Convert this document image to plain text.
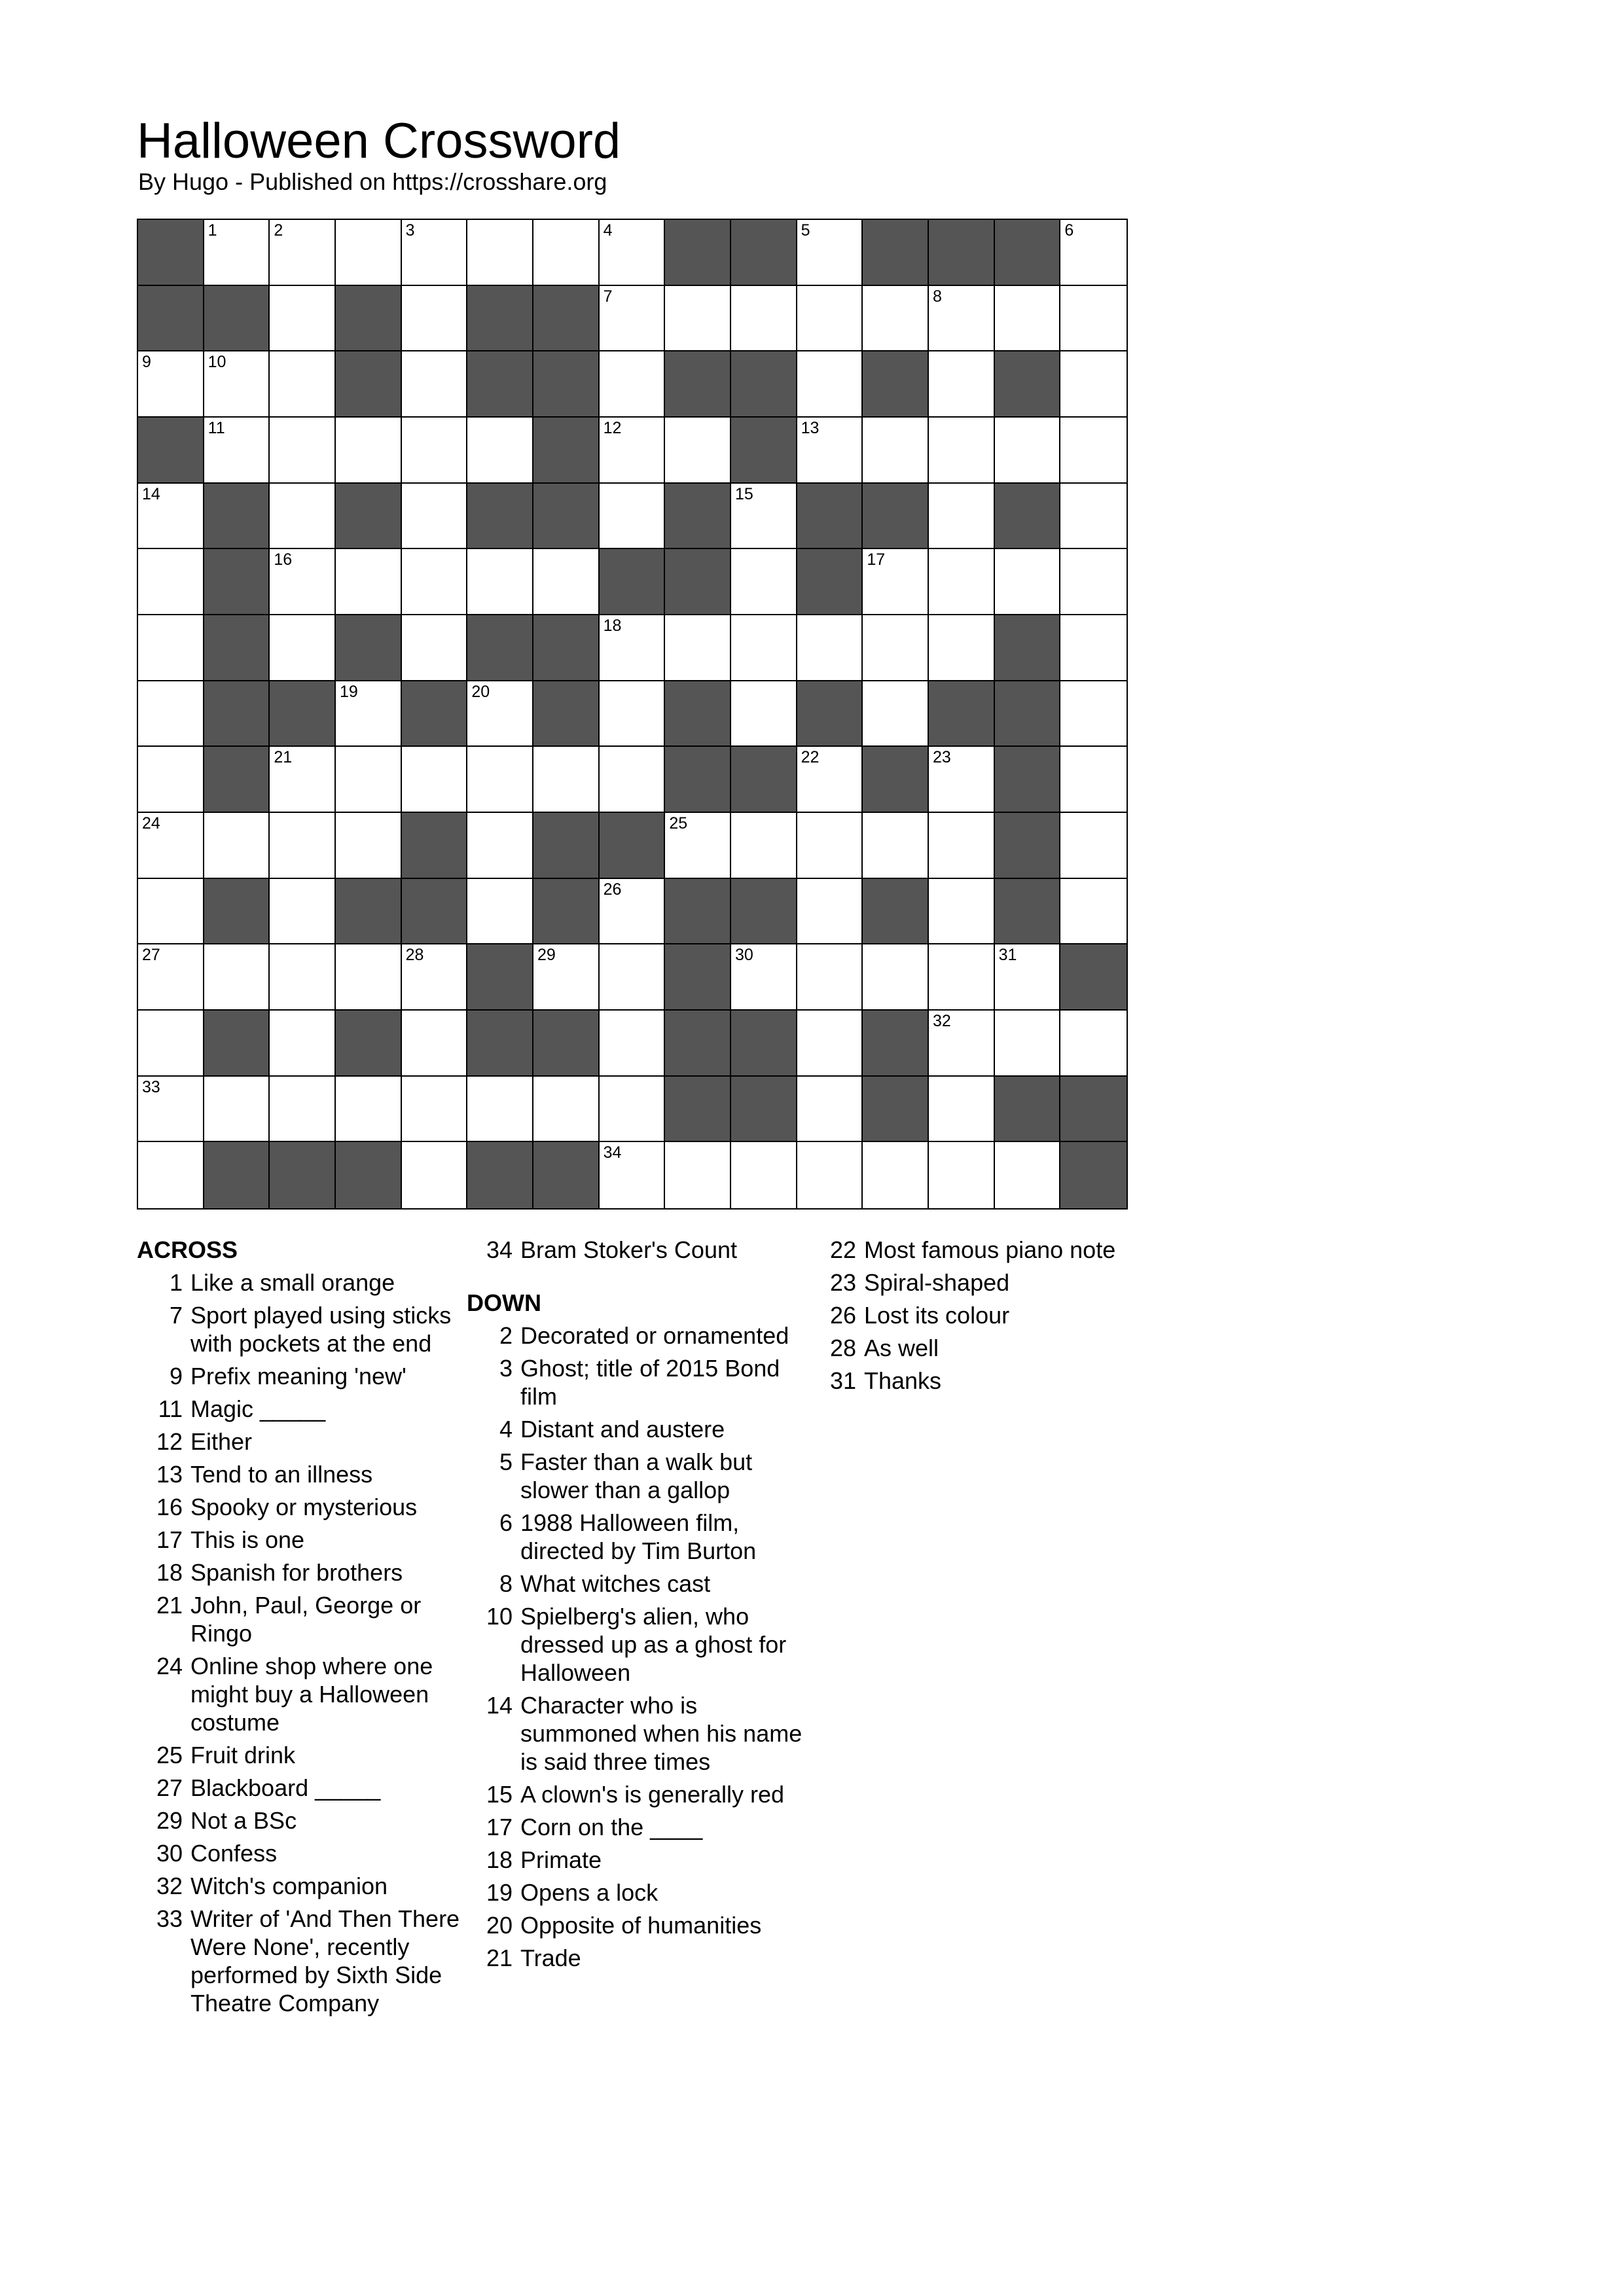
Halloween Crossword
By Hugo - Published on https://crosshare.org
1	2	3	4	5	6
7	8
9	10
11	12	13
14	15
16	17
18
19	20
21	22	23
24	25
26
27	28	29	30	31
32
33
34
ACROSS
1 Like a small orange
7 Sport played using sticks with pockets at the end
9 Prefix meaning 'new'
11 Magic _____
12 Either
13 Tend to an illness
16 Spooky or mysterious
17 This is one
18 Spanish for brothers
21 John, Paul, George or Ringo
24 Online shop where one might buy a Halloween costume
25 Fruit drink
27 Blackboard _____
29 Not a BSc
30 Confess
32 Witch's companion
33 Writer of 'And Then There Were None', recently performed by Sixth Side Theatre Company
34 Bram Stoker's Count
DOWN
2 Decorated or ornamented
3 Ghost; title of 2015 Bond film
4 Distant and austere
5 Faster than a walk but slower than a gallop
6 1988 Halloween film, directed by Tim Burton
8 What witches cast
10 Spielberg's alien, who dressed up as a ghost for Halloween
14 Character who is summoned when his name is said three times
15 A clown's is generally red
17 Corn on the ____
18 Primate
19 Opens a lock
20 Opposite of humanities
21 Trade
22 Most famous piano note
23 Spiral-shaped
26 Lost its colour
28 As well
31 Thanks
